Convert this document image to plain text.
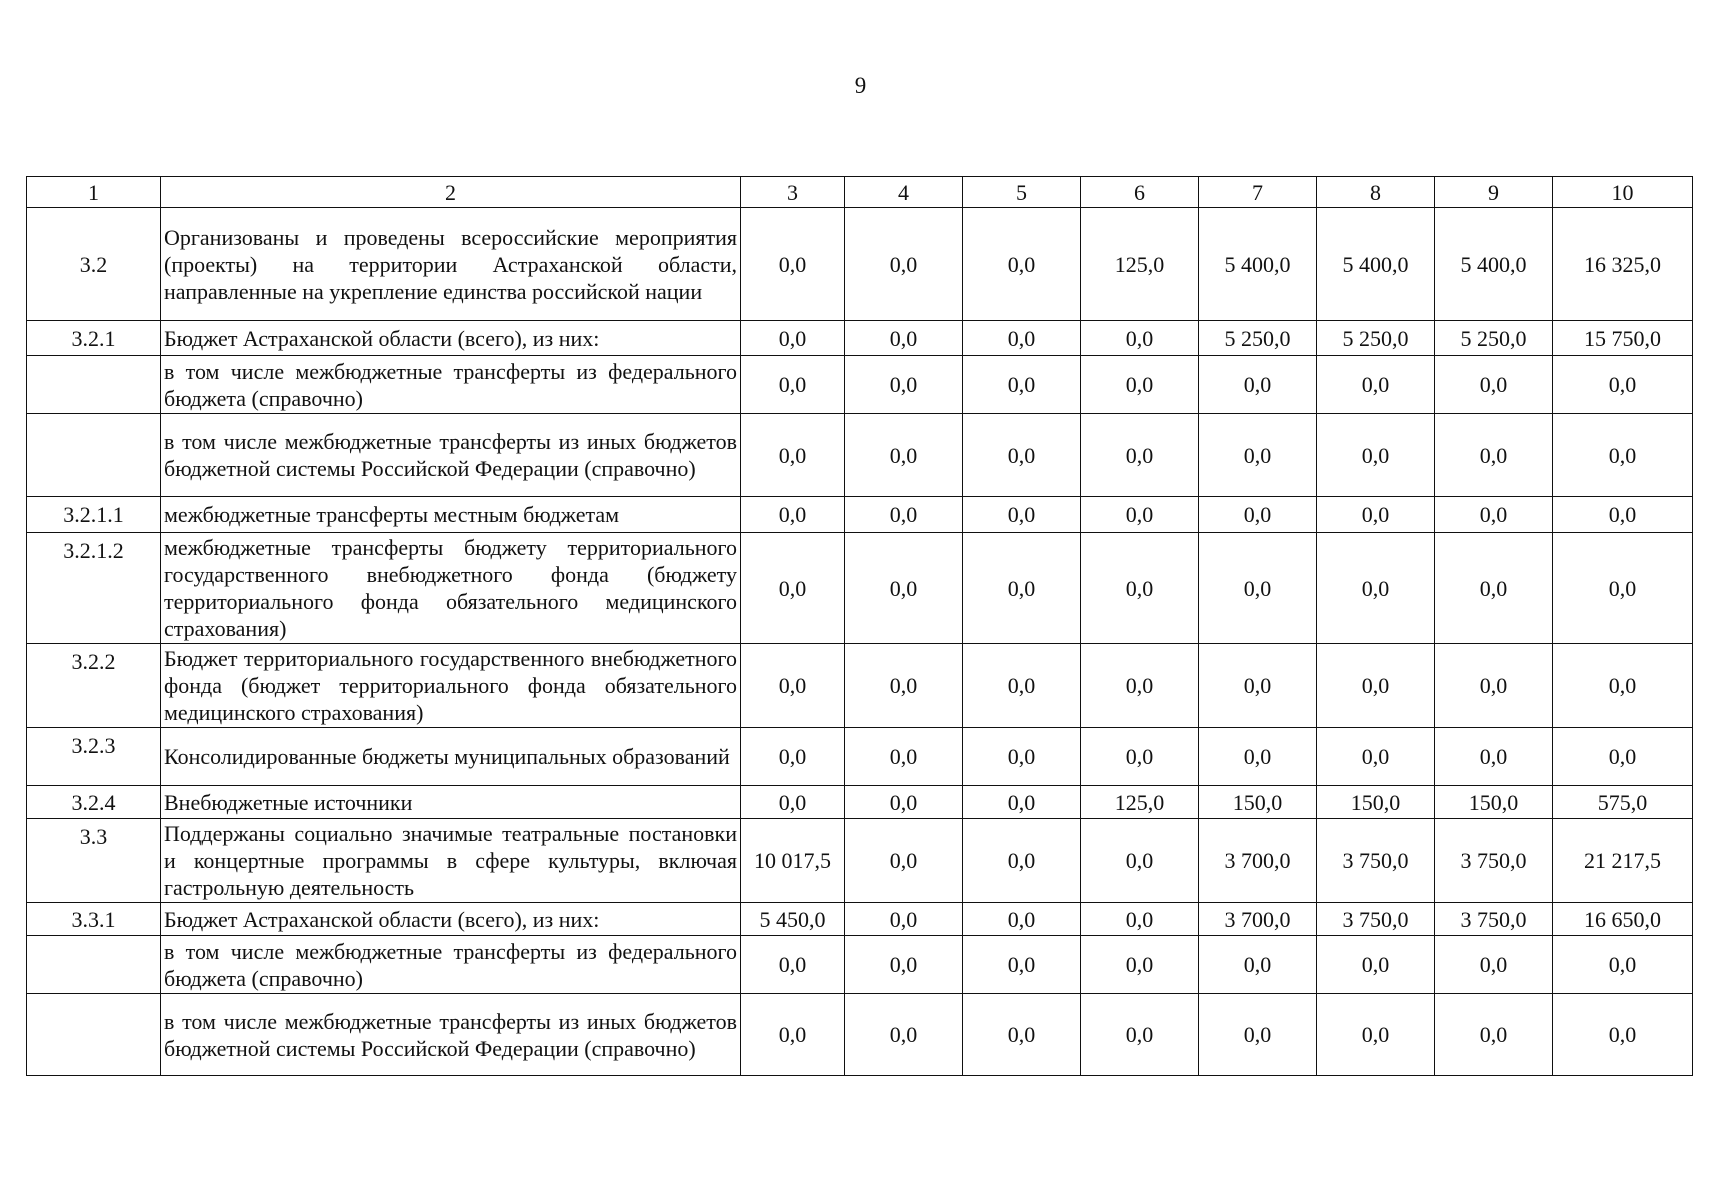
9
1	2	3	4	5	6	7	8	9	10
3.2	Организованы и проведены всероссийские мероприятия (проекты) на территории Астраханской области, направленные на укрепление единства российской нации	0,0	0,0	0,0	125,0	5 400,0	5 400,0	5 400,0	16 325,0
3.2.1	Бюджет Астраханской области (всего), из них:	0,0	0,0	0,0	0,0	5 250,0	5 250,0	5 250,0	15 750,0
	в том числе межбюджетные трансферты из федерального бюджета (справочно)	0,0	0,0	0,0	0,0	0,0	0,0	0,0	0,0
	в том числе межбюджетные трансферты из иных бюджетов бюджетной системы Российской Федерации (справочно)	0,0	0,0	0,0	0,0	0,0	0,0	0,0	0,0
3.2.1.1	межбюджетные трансферты местным бюджетам	0,0	0,0	0,0	0,0	0,0	0,0	0,0	0,0
3.2.1.2	межбюджетные трансферты бюджету территориального государственного внебюджетного фонда (бюджету территориального фонда обязательного медицинского страхования)	0,0	0,0	0,0	0,0	0,0	0,0	0,0	0,0
3.2.2	Бюджет территориального государственного внебюджетного фонда (бюджет территориального фонда обязательного медицинского страхования)	0,0	0,0	0,0	0,0	0,0	0,0	0,0	0,0
3.2.3	Консолидированные бюджеты муниципальных образований	0,0	0,0	0,0	0,0	0,0	0,0	0,0	0,0
3.2.4	Внебюджетные источники	0,0	0,0	0,0	125,0	150,0	150,0	150,0	575,0
3.3	Поддержаны социально значимые театральные постановки и концертные программы в сфере культуры, включая гастрольную деятельность	10 017,5	0,0	0,0	0,0	3 700,0	3 750,0	3 750,0	21 217,5
3.3.1	Бюджет Астраханской области (всего), из них:	5 450,0	0,0	0,0	0,0	3 700,0	3 750,0	3 750,0	16 650,0
	в том числе межбюджетные трансферты из федерального бюджета (справочно)	0,0	0,0	0,0	0,0	0,0	0,0	0,0	0,0
	в том числе межбюджетные трансферты из иных бюджетов бюджетной системы Российской Федерации (справочно)	0,0	0,0	0,0	0,0	0,0	0,0	0,0	0,0
